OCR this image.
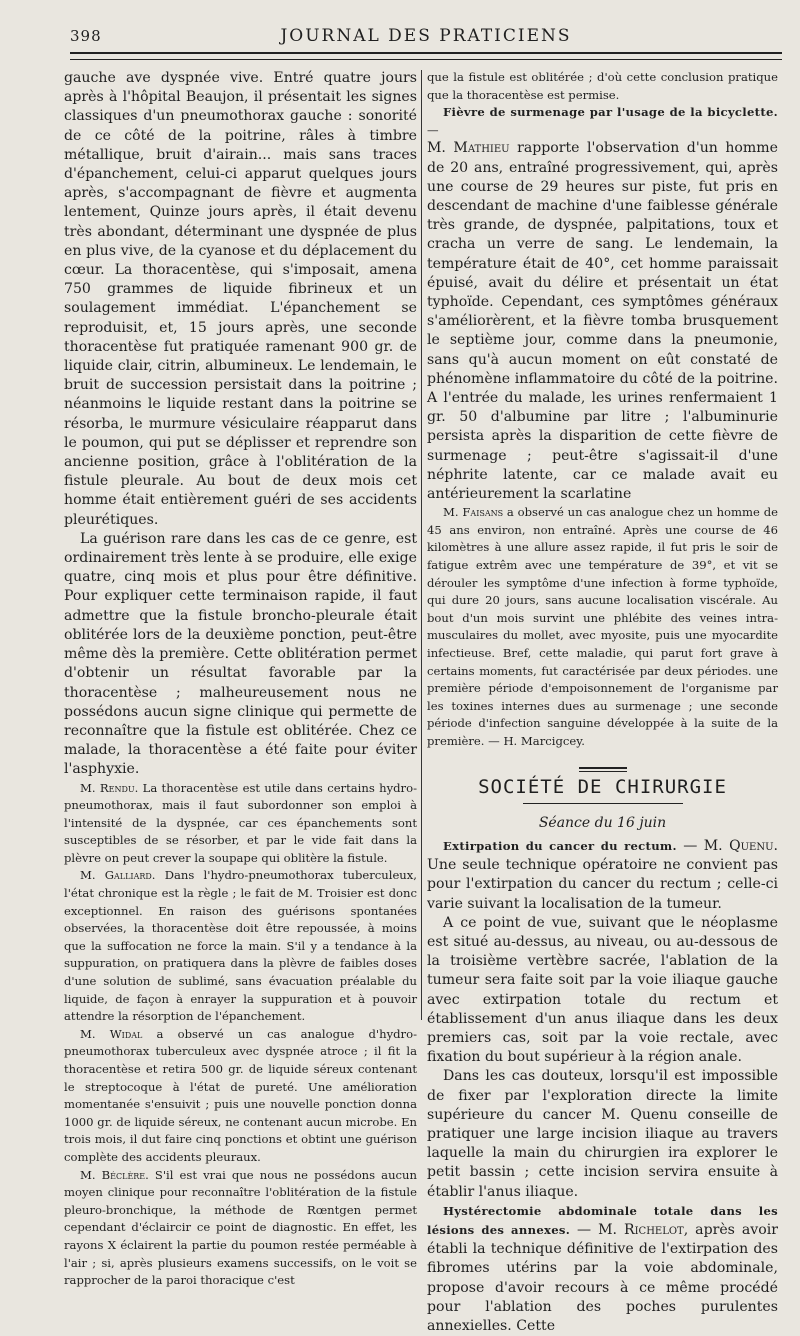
398	JOURNAL DES PRATICIENS

gauche ave dyspnée vive. Entré quatre jours après à l'hôpital Beaujon, il présentait les signes classiques d'un pneumothorax gauche : sonorité de ce côté de la poitrine, râles à timbre métallique, bruit d'airain... mais sans traces d'épanchement, celui-ci apparut quelques jours après, s'accompagnant de fièvre et augmenta lentement, Quinze jours après, il était devenu très abondant, déterminant une dyspnée de plus en plus vive, de la cyanose et du déplacement du cœur. La thoracentèse, qui s'imposait, amena 750 grammes de liquide fibrineux et un soulagement immédiat. L'épanchement se reproduisit, et, 15 jours après, une seconde thoracentèse fut pratiquée ramenant 900 gr. de liquide clair, citrin, albumineux. Le lendemain, le bruit de succession persistait dans la poitrine ; néanmoins le liquide restant dans la poitrine se résorba, le murmure vésiculaire réapparut dans le poumon, qui put se déplisser et reprendre son ancienne position, grâce à l'oblitération de la fistule pleurale. Au bout de deux mois cet homme était entièrement guéri de ses accidents pleurétiques.

La guérison rare dans les cas de ce genre, est ordinairement très lente à se produire, elle exige quatre, cinq mois et plus pour être définitive. Pour expliquer cette terminaison rapide, il faut admettre que la fistule broncho-pleurale était oblitérée lors de la deuxième ponction, peut-être même dès la première. Cette oblitération permet d'obtenir un résultat favorable par la thoracentèse ; malheureusement nous ne possédons aucun signe clinique qui permette de reconnaître que la fistule est oblitérée. Chez ce malade, la thoracentèse a été faite pour éviter l'asphyxie.

M. Rendu. La thoracentèse est utile dans certains hydro-pneumothorax, mais il faut subordonner son emploi à l'intensité de la dyspnée, car ces épanchements sont susceptibles de se résorber, et par le vide fait dans la plèvre on peut crever la soupape qui oblitère la fistule.

M. Galliard. Dans l'hydro-pneumothorax tuberculeux, l'état chronique est la règle ; le fait de M. Troisier est donc exceptionnel. En raison des guérisons spontanées observées, la thoracentèse doit être repoussée, à moins que la suffocation ne force la main. S'il y a tendance à la suppuration, on pratiquera dans la plèvre de faibles doses d'une solution de sublimé, sans évacuation préalable du liquide, de façon à enrayer la suppuration et à pouvoir attendre la résorption de l'épanchement.

M. Widal a observé un cas analogue d'hydro-pneumothorax tuberculeux avec dyspnée atroce ; il fit la thoracentèse et retira 500 gr. de liquide séreux contenant le streptocoque à l'état de pureté. Une amélioration momentanée s'ensuivit ; puis une nouvelle ponction donna 1000 gr. de liquide séreux, ne contenant aucun microbe. En trois mois, il dut faire cinq ponctions et obtint une guérison complète des accidents pleuraux.

M. Béclère. S'il est vrai que nous ne possédons aucun moyen clinique pour reconnaître l'oblitération de la fistule pleuro-bronchique, la méthode de Rœntgen permet cependant d'éclaircir ce point de diagnostic. En effet, les rayons X éclairent la partie du poumon restée perméable à l'air ; si, après plusieurs examens successifs, on le voit se rapprocher de la paroi thoracique c'est

que la fistule est oblitérée ; d'où cette conclusion pratique que la thoracentèse est permise.

Fièvre de surmenage par l'usage de la bicyclette. —

M. Mathieu rapporte l'observation d'un homme de 20 ans, entraîné progressivement, qui, après une course de 29 heures sur piste, fut pris en descendant de machine d'une faiblesse générale très grande, de dyspnée, palpitations, toux et cracha un verre de sang. Le lendemain, la température était de 40°, cet homme paraissait épuisé, avait du délire et présentait un état typhoïde. Cependant, ces symptômes généraux s'améliorèrent, et la fièvre tomba brusquement le septième jour, comme dans la pneumonie, sans qu'à aucun moment on eût constaté de phénomène inflammatoire du côté de la poitrine. A l'entrée du malade, les urines renfermaient 1 gr. 50 d'albumine par litre ; l'albuminurie persista après la disparition de cette fièvre de surmenage ; peut-être s'agissait-il d'une néphrite latente, car ce malade avait eu antérieurement la scarlatine

M. Faisans a observé un cas analogue chez un homme de 45 ans environ, non entraîné. Après une course de 46 kilomètres à une allure assez rapide, il fut pris le soir de fatigue extrêm avec une température de 39°, et vit se dérouler les symptôme d'une infection à forme typhoïde, qui dure 20 jours, sans aucune localisation viscérale. Au bout d'un mois survint une phlébite des veines intra-musculaires du mollet, avec myosite, puis une myocardite infectieuse. Bref, cette maladie, qui parut fort grave à certains moments, fut caractérisée par deux périodes. une première période d'empoisonnement de l'organisme par les toxines internes dues au surmenage ; une seconde période d'infection sanguine développée à la suite de la première. — H. Marcigcey.

SOCIÉTÉ DE CHIRURGIE
Séance du 16 juin

Extirpation du cancer du rectum. — M. Quenu. Une seule technique opératoire ne convient pas pour l'extirpation du cancer du rectum ; celle-ci varie suivant la localisation de la tumeur.

A ce point de vue, suivant que le néoplasme est situé au-dessus, au niveau, ou au-dessous de la troisième vertèbre sacrée, l'ablation de la tumeur sera faite soit par la voie iliaque gauche avec extirpation totale du rectum et établissement d'un anus iliaque dans les deux premiers cas, soit par la voie rectale, avec fixation du bout supérieur à la région anale.

Dans les cas douteux, lorsqu'il est impossible de fixer par l'exploration directe la limite supérieure du cancer M. Quenu conseille de pratiquer une large incision iliaque au travers laquelle la main du chirurgien ira explorer le petit bassin ; cette incision servira ensuite à établir l'anus iliaque.

Hystérectomie abdominale totale dans les lésions des annexes. — M. Richelot, après avoir établi la technique définitive de l'extirpation des fibromes utérins par la voie abdominale, propose d'avoir recours à ce même procédé pour l'ablation des poches purulentes annexielles. Cette
